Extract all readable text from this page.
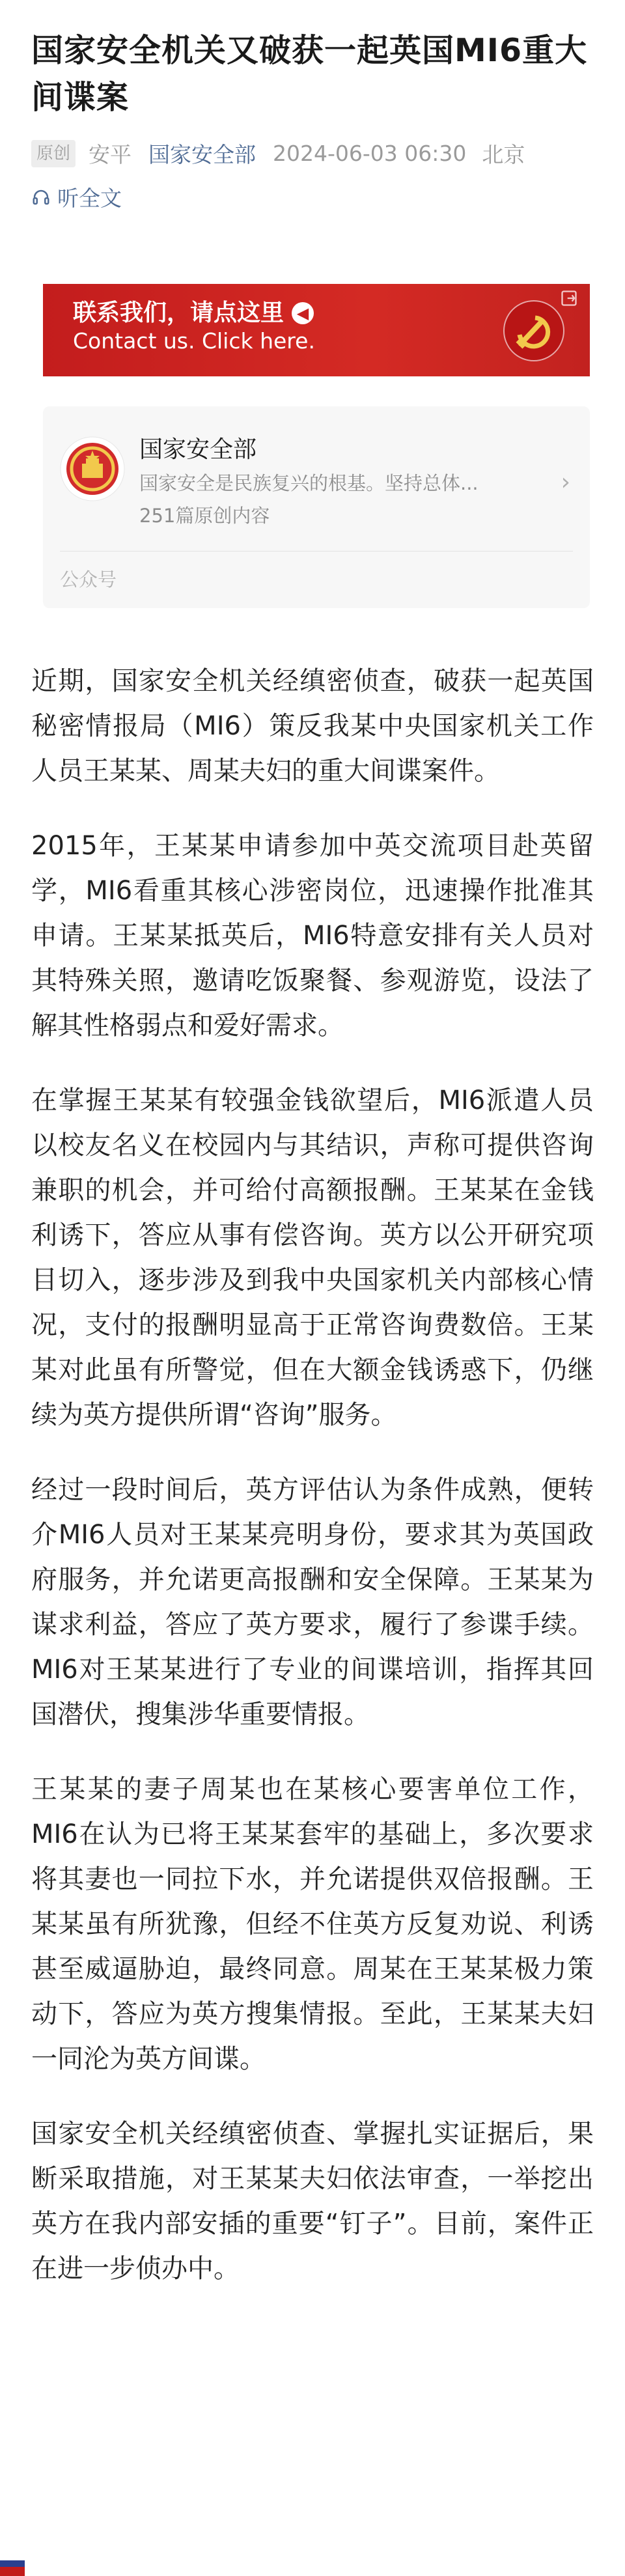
国家安全机关又破获一起英国MI6重大间谍案
原创 安平 国家安全部 2024-06-03 06:30 北京
听全文
联系我们，请点这里 ◀
Contact us. Click here.
国家安全部
国家安全是民族复兴的根基。坚持总体...
251篇原创内容
›
公众号

近期，国家安全机关经缜密侦查，破获一起英国秘密情报局（MI6）策反我某中央国家机关工作人员王某某、周某夫妇的重大间谍案件。

2015年，王某某申请参加中英交流项目赴英留学，MI6看重其核心涉密岗位，迅速操作批准其申请。王某某抵英后，MI6特意安排有关人员对其特殊关照，邀请吃饭聚餐、参观游览，设法了解其性格弱点和爱好需求。

在掌握王某某有较强金钱欲望后，MI6派遣人员以校友名义在校园内与其结识，声称可提供咨询兼职的机会，并可给付高额报酬。王某某在金钱利诱下，答应从事有偿咨询。英方以公开研究项目切入，逐步涉及到我中央国家机关内部核心情况，支付的报酬明显高于正常咨询费数倍。王某某对此虽有所警觉，但在大额金钱诱惑下，仍继续为英方提供所谓“咨询”服务。

经过一段时间后，英方评估认为条件成熟，便转介MI6人员对王某某亮明身份，要求其为英国政府服务，并允诺更高报酬和安全保障。王某某为谋求利益，答应了英方要求，履行了参谍手续。MI6对王某某进行了专业的间谍培训，指挥其回国潜伏，搜集涉华重要情报。

王某某的妻子周某也在某核心要害单位工作，MI6在认为已将王某某套牢的基础上，多次要求将其妻也一同拉下水，并允诺提供双倍报酬。王某某虽有所犹豫，但经不住英方反复劝说、利诱甚至威逼胁迫，最终同意。周某在王某某极力策动下，答应为英方搜集情报。至此，王某某夫妇一同沦为英方间谍。

国家安全机关经缜密侦查、掌握扎实证据后，果断采取措施，对王某某夫妇依法审查，一举挖出英方在我内部安插的重要“钉子”。目前，案件正在进一步侦办中。
